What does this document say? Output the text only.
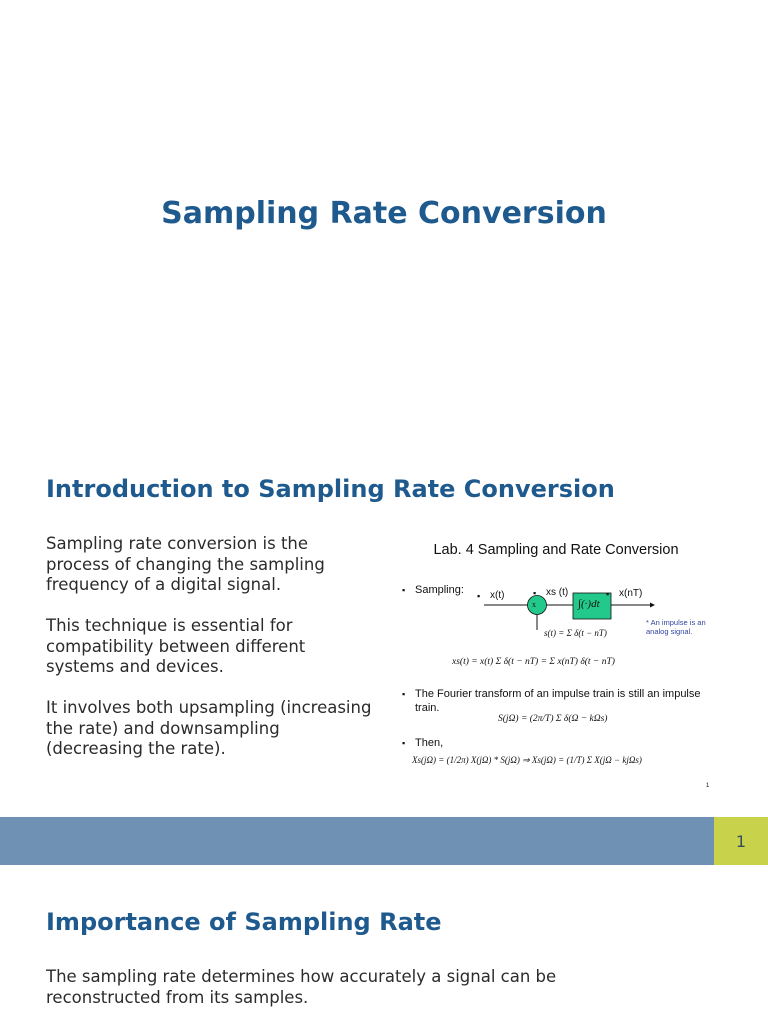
Sampling Rate Conversion
Introduction to Sampling Rate Conversion
Sampling rate conversion is the process of changing the sampling frequency of a digital signal.
This technique is essential for compatibility between different systems and devices.
It involves both upsampling (increasing the rate) and downsampling (decreasing the rate).
Lab. 4 Sampling and Rate Conversion
x	∫(·)dt
▪ Sampling:	▪ x(t)	▪ xs (t)	▪ x(nT)
s(t) = Σ δ(t − nT)
* An impulse is an analog signal.
xs(t) = x(t) Σ δ(t − nT) = Σ x(nT) δ(t − nT)
▪ The Fourier transform of an impulse train is still an impulse train.
S(jΩ) = (2π/T) Σ δ(Ω − kΩs)
▪ Then,
Xs(jΩ) = (1/2π) X(jΩ) * S(jΩ) ⇒ Xs(jΩ) = (1/T) Σ X(jΩ − kjΩs)
1
1
Importance of Sampling Rate
The sampling rate determines how accurately a signal can be reconstructed from its samples.
